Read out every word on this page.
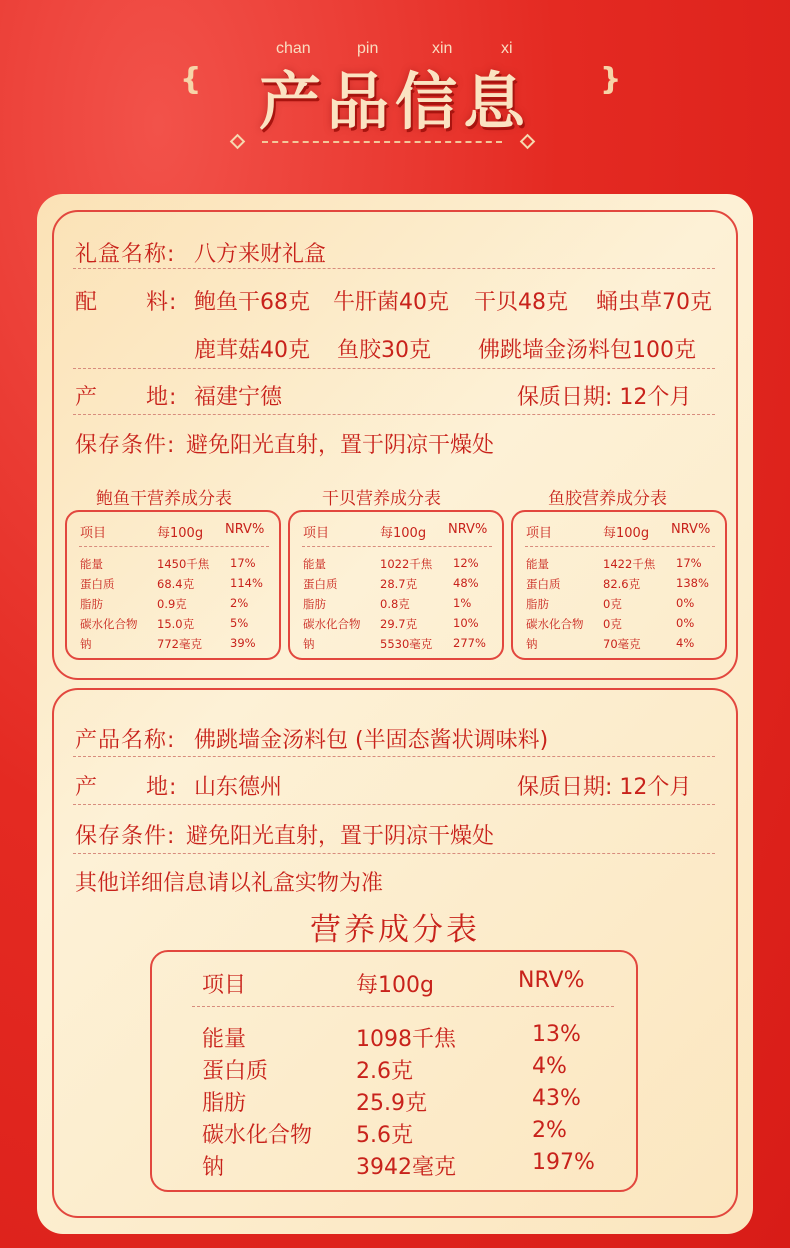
chan	pin	xin	xi
{	}
产品信息
礼盒名称: 八方来财礼盒
配 料: 鲍鱼干68克 牛肝菌40克 干贝48克 蛹虫草70克
鹿茸菇40克 鱼胶30克 佛跳墙金汤料包100克
产 地: 福建宁德	保质日期: 12个月
保存条件: 避免阳光直射，置于阴凉干燥处
鲍鱼干营养成分表	干贝营养成分表	鱼胶营养成分表
项目	每100g NRV%
能量	1450千焦 17%
蛋白质	68.4克	114%
脂肪	0.9克	2%
碳水化合物 15.0克	5%
钠	772毫克 39%
项目	每100g NRV%
能量	1022千焦 12%
蛋白质	28.7克	48%
脂肪	0.8克	1%
碳水化合物 29.7克	10%
钠	5530毫克 277%
项目	每100g NRV%
能量	1422千焦 17%
蛋白质	82.6克	138%
脂肪	0克	0%
碳水化合物 0克	0%
钠	70毫克	4%
产品名称: 佛跳墙金汤料包 (半固态酱状调味料)
产 地: 山东德州	保质日期: 12个月
保存条件: 避免阳光直射，置于阴凉干燥处
其他详细信息请以礼盒实物为准
营养成分表
项目	每100g	NRV%
能量	1098千焦	13%
蛋白质	2.6克	4%
脂肪	25.9克	43%
碳水化合物 5.6克	2%
钠	3942毫克	197%
